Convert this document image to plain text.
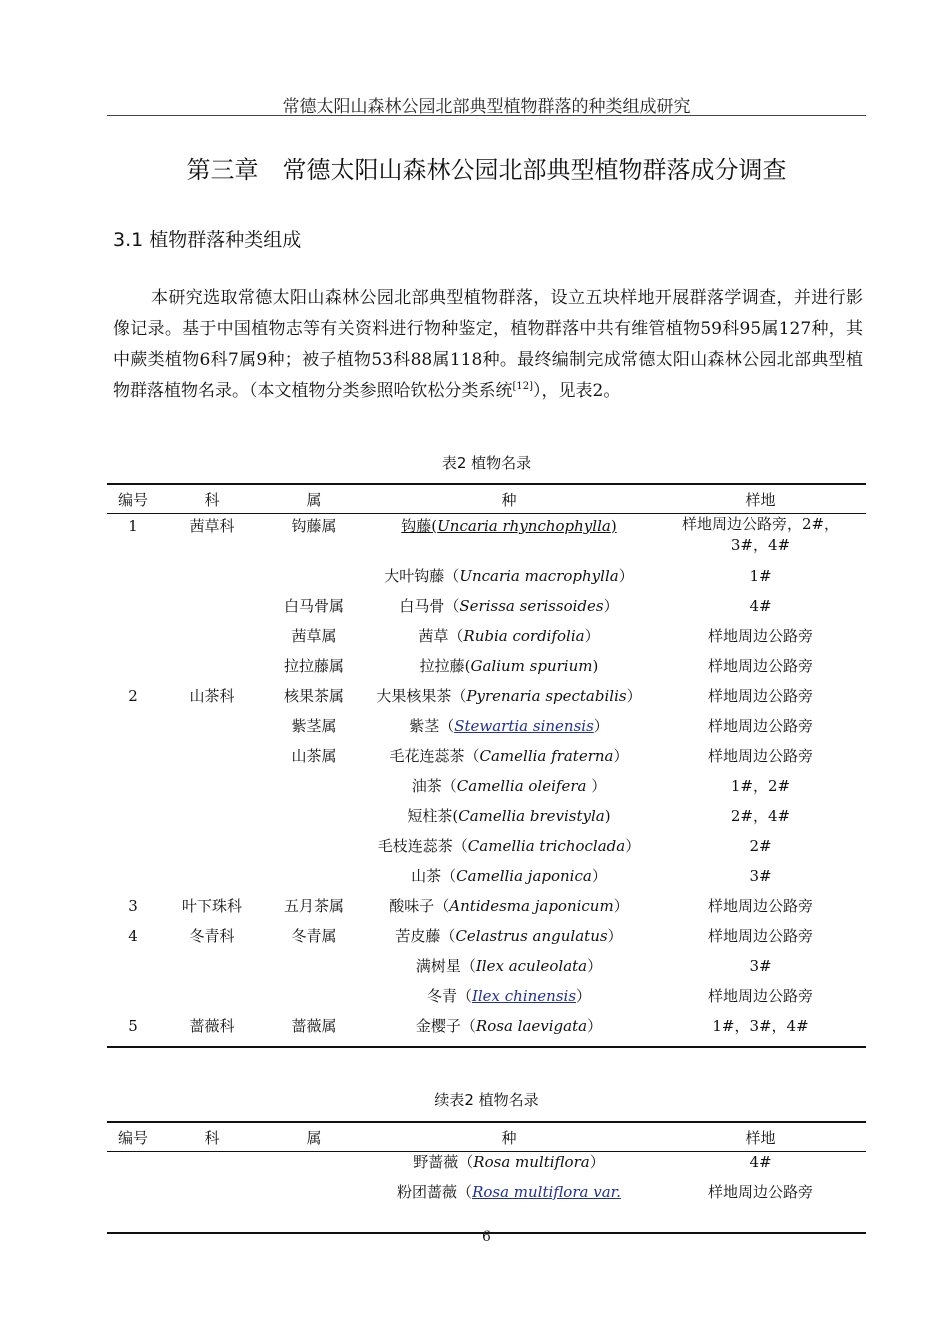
常德太阳山森林公园北部典型植物群落的种类组成研究
第三章　常德太阳山森林公园北部典型植物群落成分调查
3.1 植物群落种类组成
本研究选取常德太阳山森林公园北部典型植物群落，设立五块样地开展群落学调查，并进行影像记录。基于中国植物志等有关资料进行物种鉴定，植物群落中共有维管植物59科95属127种，其中蕨类植物6科7属9种；被子植物53科88属118种。最终编制完成常德太阳山森林公园北部典型植物群落植物名录。（本文植物分类参照哈钦松分类系统[12]），见表2。
表2 植物名录
编号	科	属	种	样地
1	茜草科	钩藤属	钩藤(Uncaria rhynchophylla)	样地周边公路旁，2#，3#，4#
			大叶钩藤（Uncaria macrophylla）	1#
		白马骨属	白马骨（Serissa serissoides）	4#
		茜草属	茜草（Rubia cordifolia）	样地周边公路旁
		拉拉藤属	拉拉藤(Galium spurium)	样地周边公路旁
2	山茶科	核果茶属	大果核果茶（Pyrenaria spectabilis）	样地周边公路旁
		紫茎属	紫茎（Stewartia sinensis）	样地周边公路旁
		山茶属	毛花连蕊茶（Camellia fraterna）	样地周边公路旁
			油茶（Camellia oleifera ）	1#，2#
			短柱茶(Camellia brevistyla)	2#，4#
			毛枝连蕊茶（Camellia trichoclada）	2#
			山茶（Camellia japonica）	3#
3	叶下珠科	五月茶属	酸味子（Antidesma japonicum）	样地周边公路旁
4	冬青科	冬青属	苦皮藤（Celastrus angulatus）	样地周边公路旁
			满树星（Ilex aculeolata）	3#
			冬青（Ilex chinensis）	样地周边公路旁
5	蔷薇科	蔷薇属	金樱子（Rosa laevigata）	1#，3#，4#
续表2 植物名录
编号	科	属	种	样地
			野蔷薇（Rosa multiflora）	4#
			粉团蔷薇（Rosa multiflora var.	样地周边公路旁
6
